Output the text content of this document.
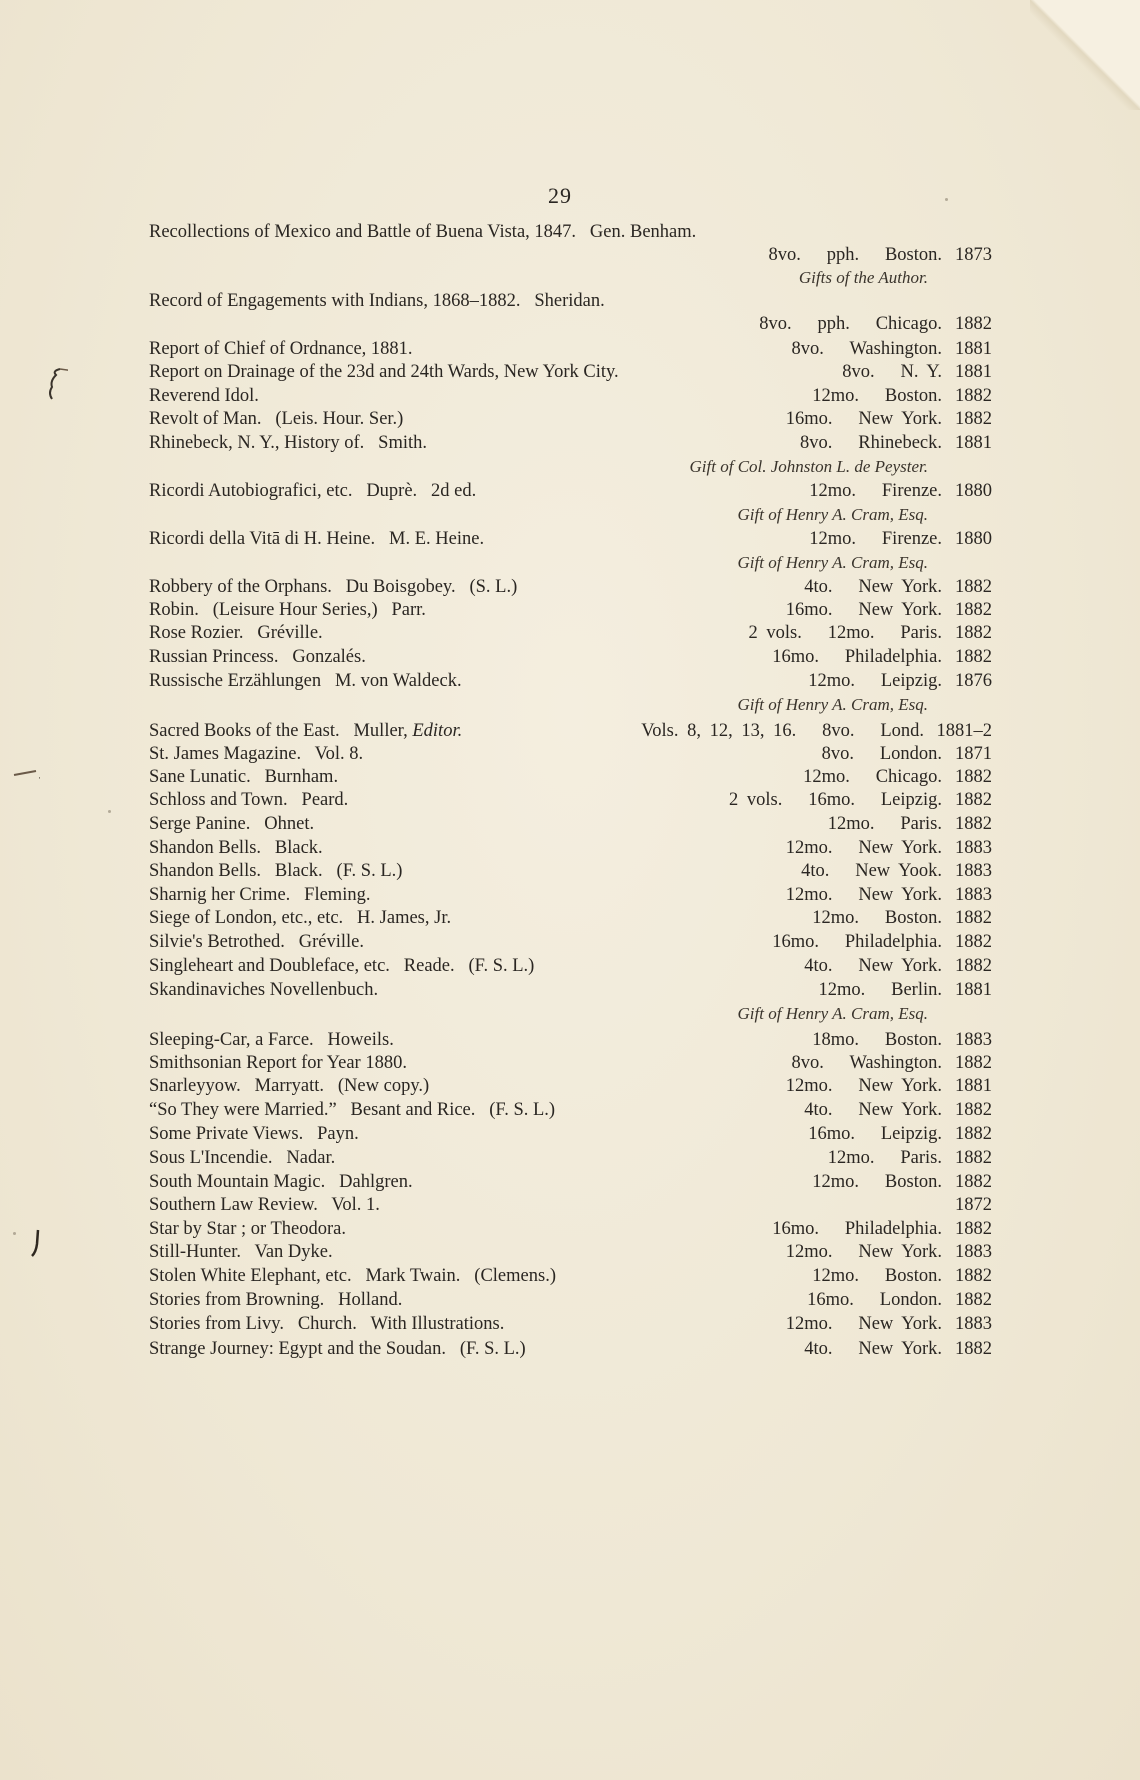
29
Recollections of Mexico and Battle of Buena Vista, 1847.   Gen. Benham.
8vo.   pph.   Boston. 1873
Gifts of the Author.
Record of Engagements with Indians, 1868–1882.   Sheridan.
8vo.   pph.   Chicago. 1882
Report of Chief of Ordnance, 1881.	8vo.   Washington. 1881
Report on Drainage of the 23d and 24th Wards, New York City.	8vo.   N. Y. 1881
Reverend Idol.	12mo.   Boston. 1882
Revolt of Man.   (Leis. Hour. Ser.)	16mo.   New York. 1882
Rhinebeck, N. Y., History of.   Smith.	8vo.   Rhinebeck. 1881
Gift of Col. Johnston L. de Peyster.
Ricordi Autobiografici, etc.   Duprè.   2d ed.	12mo.   Firenze. 1880
Gift of Henry A. Cram, Esq.
Ricordi della Vitā di H. Heine.   M. E. Heine.	12mo.   Firenze. 1880
Gift of Henry A. Cram, Esq.
Robbery of the Orphans.   Du Boisgobey.   (S. L.)	4to.   New York. 1882
Robin.   (Leisure Hour Series,)   Parr.	16mo.   New York. 1882
Rose Rozier.   Gréville.	2 vols.   12mo.   Paris. 1882
Russian Princess.   Gonzalés.	16mo.   Philadelphia. 1882
Russische Erzählungen   M. von Waldeck.	12mo.   Leipzig. 1876
Gift of Henry A. Cram, Esq.
Sacred Books of the East.   Muller, Editor.	Vols. 8, 12, 13, 16.   8vo.   Lond. 1881–2
St. James Magazine.   Vol. 8.	8vo.   London. 1871
Sane Lunatic.   Burnham.	12mo.   Chicago. 1882
Schloss and Town.   Peard.	2 vols.   16mo.   Leipzig. 1882
Serge Panine.   Ohnet.	12mo.   Paris. 1882
Shandon Bells.   Black.	12mo.   New York. 1883
Shandon Bells.   Black.   (F. S. L.)	4to.   New Yook. 1883
Sharnig her Crime.   Fleming.	12mo.   New York. 1883
Siege of London, etc., etc.   H. James, Jr.	12mo.   Boston. 1882
Silvie's Betrothed.   Gréville.	16mo.   Philadelphia. 1882
Singleheart and Doubleface, etc.   Reade.   (F. S. L.)	4to.   New York. 1882
Skandinaviches Novellenbuch.	12mo.   Berlin. 1881
Gift of Henry A. Cram, Esq.
Sleeping-Car, a Farce.   Howeils.	18mo.   Boston. 1883
Smithsonian Report for Year 1880.	8vo.   Washington. 1882
Snarleyyow.   Marryatt.   (New copy.)	12mo.   New York. 1881
“So They were Married.”   Besant and Rice.   (F. S. L.)	4to.   New York. 1882
Some Private Views.   Payn.	16mo.   Leipzig. 1882
Sous L'Incendie.   Nadar.	12mo.   Paris. 1882
South Mountain Magic.   Dahlgren.	12mo.   Boston. 1882
Southern Law Review.   Vol. 1.	1872
Star by Star ; or Theodora.	16mo.   Philadelphia. 1882
Still-Hunter.   Van Dyke.	12mo.   New York. 1883
Stolen White Elephant, etc.   Mark Twain.   (Clemens.)	12mo.   Boston. 1882
Stories from Browning.   Holland.	16mo.   London. 1882
Stories from Livy.   Church.   With Illustrations.	12mo.   New York. 1883
Strange Journey: Egypt and the Soudan.   (F. S. L.)	4to.   New York. 1882
